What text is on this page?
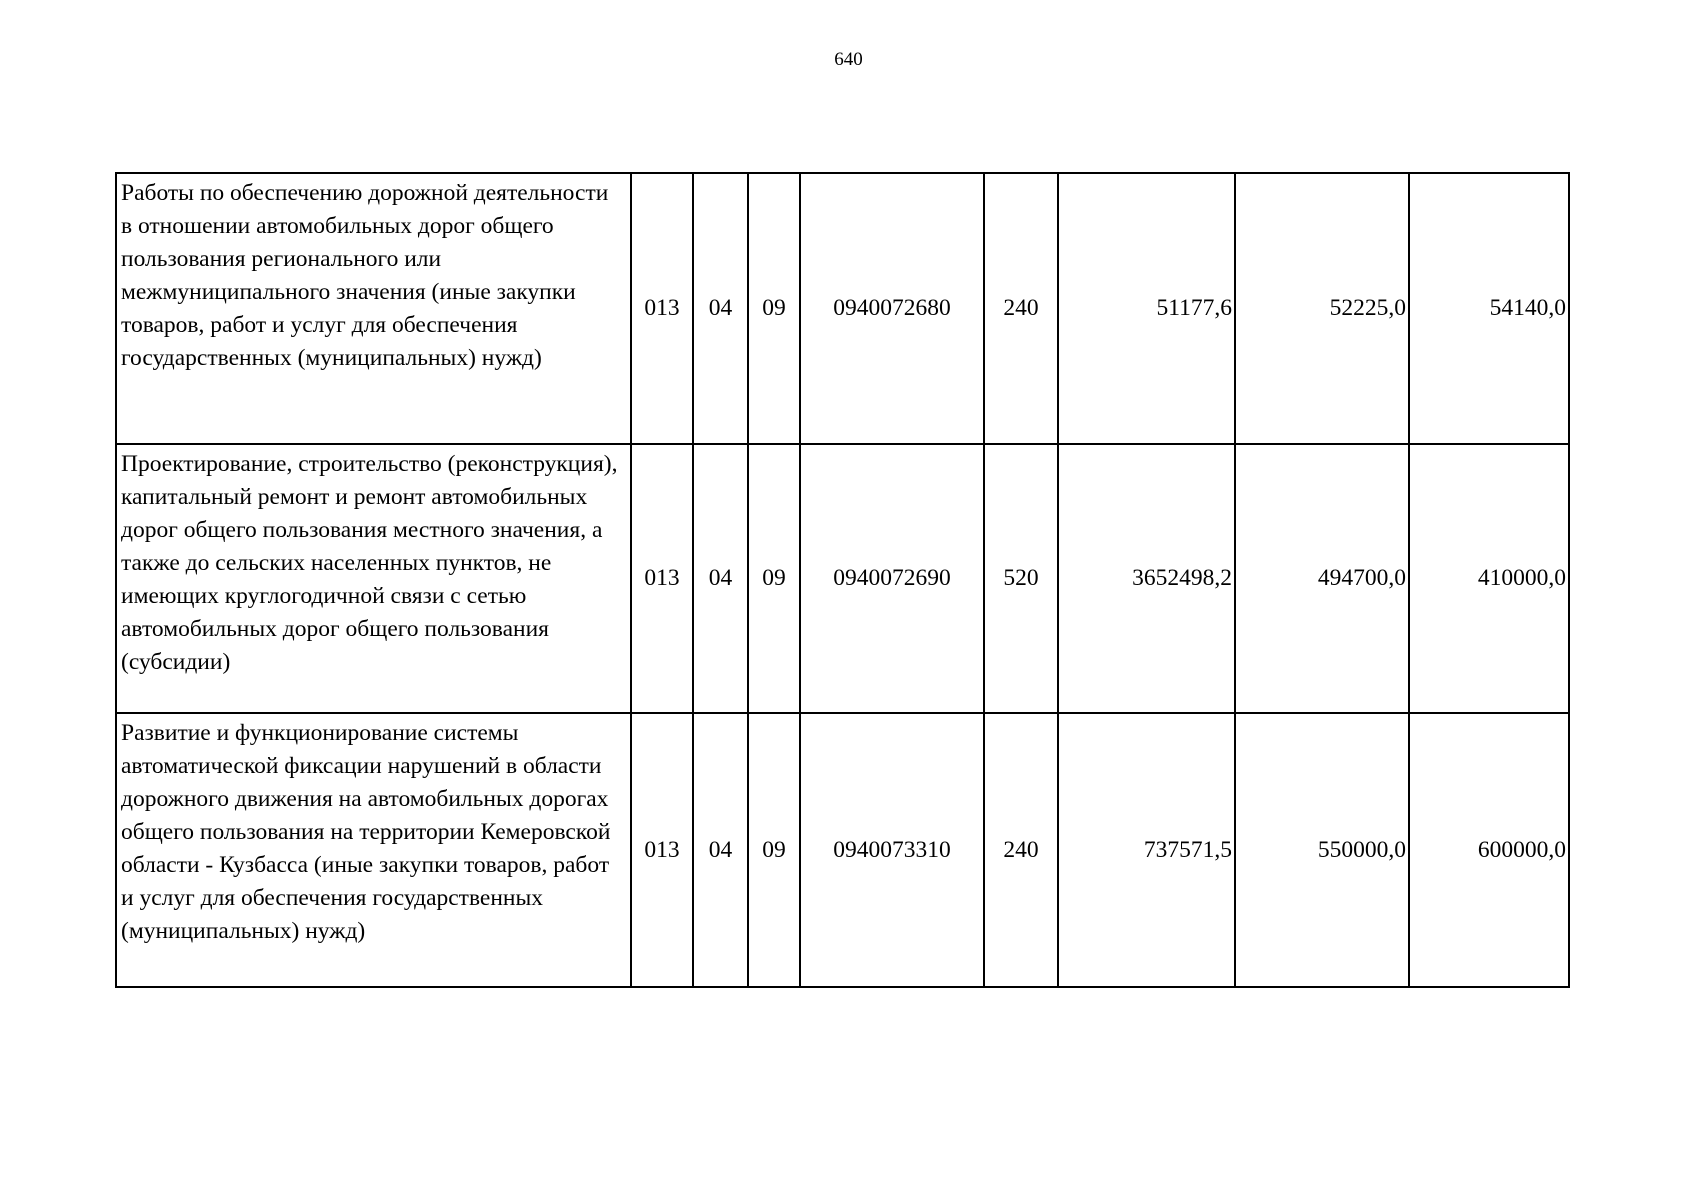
640
Работы по обеспечению дорожной деятельности в отношении автомобильных дорог общего пользования регионального или межмуниципального значения (иные закупки товаров, работ и услуг для обеспечения государственных (муниципальных) нужд)	013	04	09	0940072680	240	51177,6	52225,0	54140,0

Проектирование, строительство (реконструкция), капитальный ремонт и ремонт автомобильных дорог общего пользования местного значения, а также до сельских населенных пунктов, не имеющих круглогодичной связи с сетью автомобильных дорог общего пользования (субсидии)	013	04	09	0940072690	520	3652498,2	494700,0	410000,0

Развитие и функционирование системы автоматической фиксации нарушений в области дорожного движения на автомобильных дорогах общего пользования на территории Кемеровской области - Кузбасса (иные закупки товаров, работ и услуг для обеспечения государственных (муниципальных) нужд)	013	04	09	0940073310	240	737571,5	550000,0	600000,0
